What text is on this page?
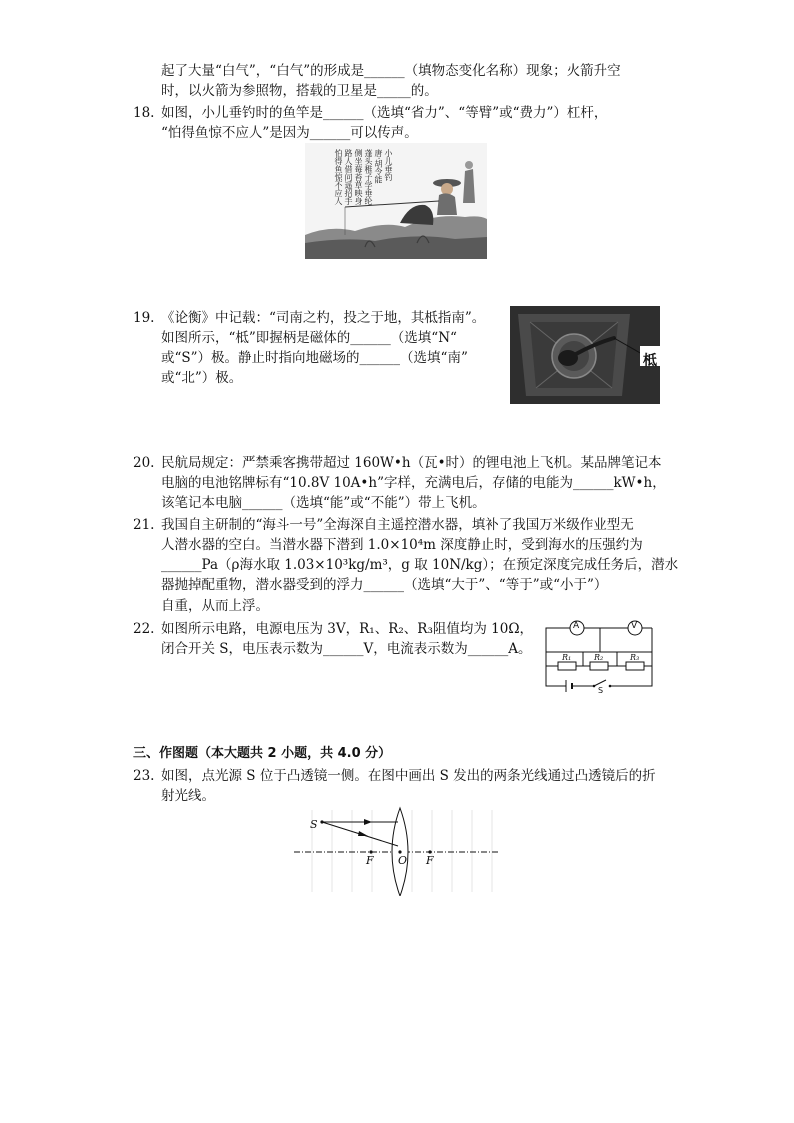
起了大量“白气”，“白气”的形成是______（填物态变化名称）现象；火箭升空
时，以火箭为参照物，搭载的卫星是_____的。
18. 如图，小儿垂钓时的鱼竿是______（选填“省力”、“等臂”或“费力”）杠杆，
“怕得鱼惊不应人”是因为______可以传声。
小儿垂钓
唐·胡令能
蓬头稚子学垂纶
侧坐莓苔草映身
路人借问遥招手
怕得鱼惊不应人
19. 《论衡》中记载：“司南之杓，投之于地，其柢指南”。
如图所示，“柢”即握柄是磁体的______（选填“N“
或“S”）极。静止时指向地磁场的______（选填“南”
或“北”）极。
柢
20. 民航局规定：严禁乘客携带超过 160W•h（瓦•时）的锂电池上飞机。某品牌笔记本
电脑的电池铭牌标有“10.8V 10A•h”字样，充满电后，存储的电能为______kW•h，
该笔记本电脑______（选填“能”或“不能”）带上飞机。
21. 我国自主研制的“海斗一号”全海深自主遥控潜水器，填补了我国万米级作业型无
人潜水器的空白。当潜水器下潜到 1.0×10⁴m 深度静止时，受到海水的压强约为
______Pa（ρ海水取 1.03×10³kg/m³，g 取 10N/kg）；在预定深度完成任务后，潜水
器抛掉配重物，潜水器受到的浮力______（选填“大于”、“等于”或“小于”）
自重，从而上浮。
22. 如图所示电路，电源电压为 3V，R₁、R₂、R₃阻值均为 10Ω，
闭合开关 S，电压表示数为______V，电流表示数为______A。
A	V
R₁	R₂	R₃
S
三、作图题（本大题共 2 小题，共 4.0 分）
23. 如图，点光源 S 位于凸透镜一侧。在图中画出 S 发出的两条光线通过凸透镜后的折
射光线。
S
F O F
